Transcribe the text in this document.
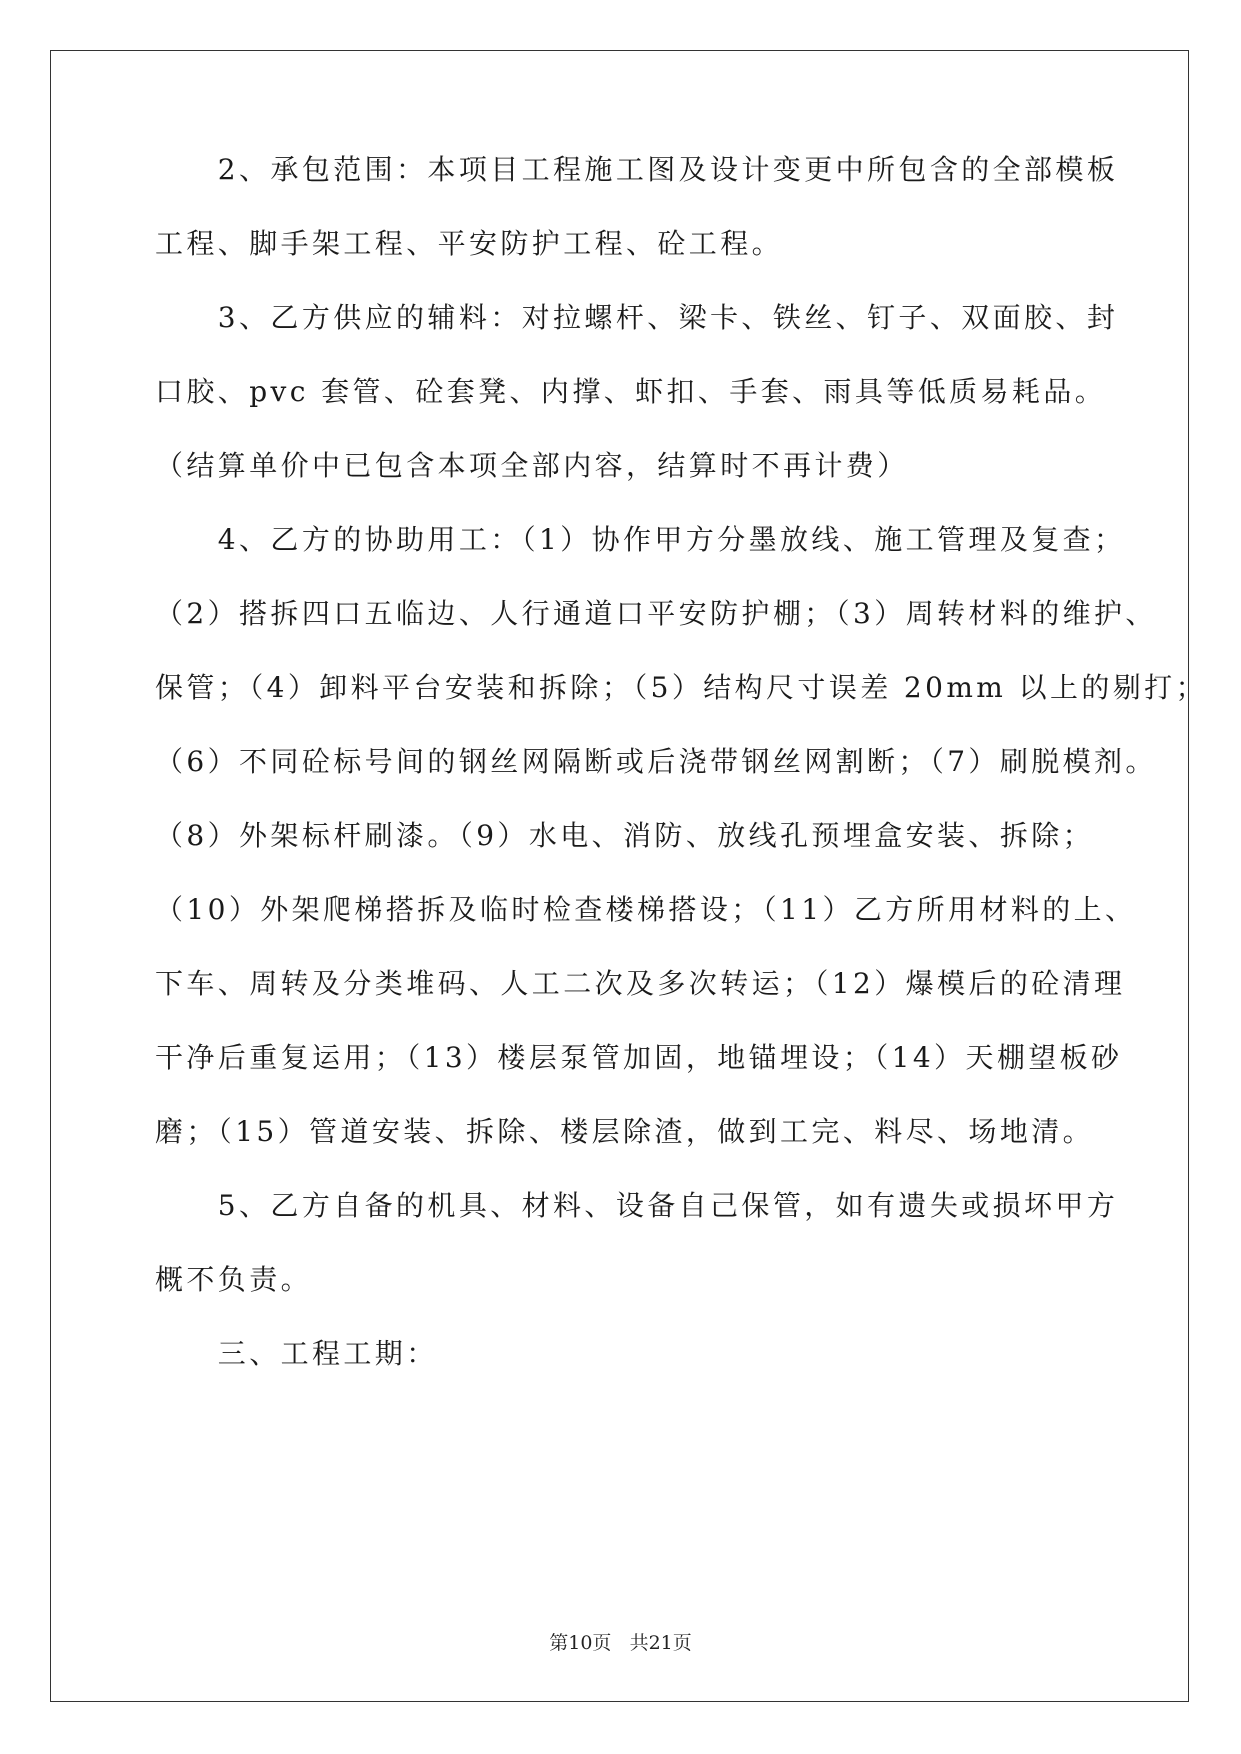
　　2、承包范围：本项目工程施工图及设计变更中所包含的全部模板
工程、脚手架工程、平安防护工程、砼工程。
　　3、乙方供应的辅料：对拉螺杆、梁卡、铁丝、钉子、双面胶、封
口胶、pvc 套管、砼套凳、内撑、虾扣、手套、雨具等低质易耗品。
（结算单价中已包含本项全部内容，结算时不再计费）
　　4、乙方的协助用工：（1）协作甲方分墨放线、施工管理及复查；
（2）搭拆四口五临边、人行通道口平安防护棚；（3）周转材料的维护、
保管；（4）卸料平台安装和拆除；（5）结构尺寸误差 20mm 以上的剔打；
（6）不同砼标号间的钢丝网隔断或后浇带钢丝网割断；（7）刷脱模剂。
（8）外架标杆刷漆。（9）水电、消防、放线孔预埋盒安装、拆除；
（10）外架爬梯搭拆及临时检查楼梯搭设；（11）乙方所用材料的上、
下车、周转及分类堆码、人工二次及多次转运；（12）爆模后的砼清理
干净后重复运用；（13）楼层泵管加固，地锚埋设；（14）天棚望板砂
磨；（15）管道安装、拆除、楼层除渣，做到工完、料尽、场地清。
　　5、乙方自备的机具、材料、设备自己保管，如有遗失或损坏甲方
概不负责。
　　三、工程工期：
第10页 共21页
